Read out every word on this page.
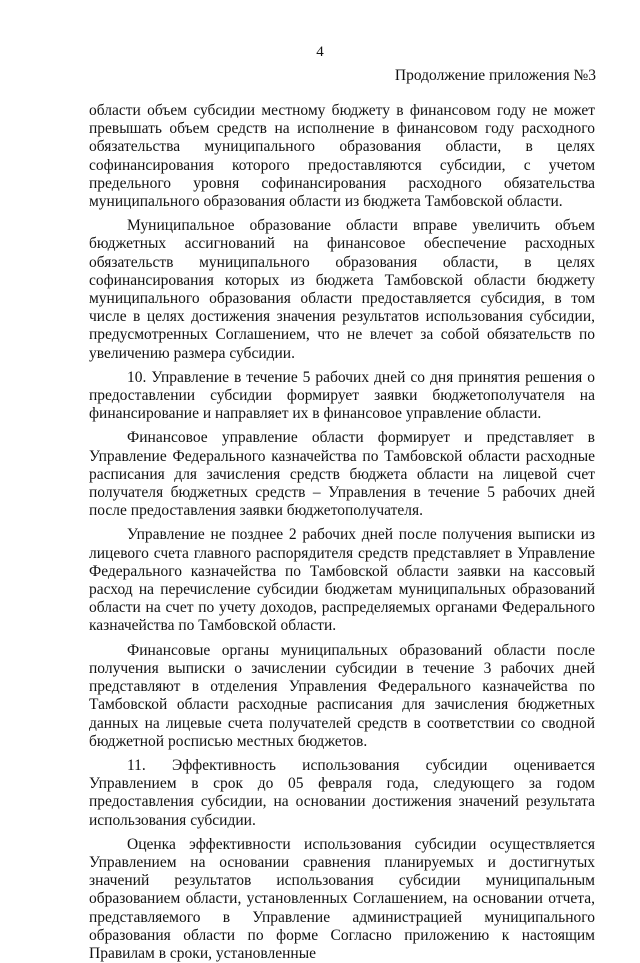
4
Продолжение приложения №3

области объем субсидии местному бюджету в финансовом году не может превышать объем средств на исполнение в финансовом году расходного обязательства муниципального образования области, в целях софинансирования которого предоставляются субсидии, с учетом предельного уровня софинансирования расходного обязательства муниципального образования области из бюджета Тамбовской области.

Муниципальное образование области вправе увеличить объем бюджетных ассигнований на финансовое обеспечение расходных обязательств муниципального образования области, в целях софинансирования которых из бюджета Тамбовской области бюджету муниципального образования области предоставляется субсидия, в том числе в целях достижения значения результатов использования субсидии, предусмотренных Соглашением, что не влечет за собой обязательств по увеличению размера субсидии.

10. Управление в течение 5 рабочих дней со дня принятия решения о предоставлении субсидии формирует заявки бюджетополучателя на финансирование и направляет их в финансовое управление области.

Финансовое управление области формирует и представляет в Управление Федерального казначейства по Тамбовской области расходные расписания для зачисления средств бюджета области на лицевой счет получателя бюджетных средств – Управления в течение 5 рабочих дней после предоставления заявки бюджетополучателя.

Управление не позднее 2 рабочих дней после получения выписки из лицевого счета главного распорядителя средств представляет в Управление Федерального казначейства по Тамбовской области заявки на кассовый расход на перечисление субсидии бюджетам муниципальных образований области на счет по учету доходов, распределяемых органами Федерального казначейства по Тамбовской области.

Финансовые органы муниципальных образований области после получения выписки о зачислении субсидии в течение 3 рабочих дней представляют в отделения Управления Федерального казначейства по Тамбовской области расходные расписания для зачисления бюджетных данных на лицевые счета получателей средств в соответствии со сводной бюджетной росписью местных бюджетов.

11. Эффективность использования субсидии оценивается Управлением в срок до 05 февраля года, следующего за годом предоставления субсидии, на основании достижения значений результата использования субсидии.

Оценка эффективности использования субсидии осуществляется Управлением на основании сравнения планируемых и достигнутых значений результатов использования субсидии муниципальным образованием области, установленных Соглашением, на основании отчета, представляемого в Управление администрацией муниципального образования области по форме Согласно приложению к настоящим Правилам в сроки, установленные
